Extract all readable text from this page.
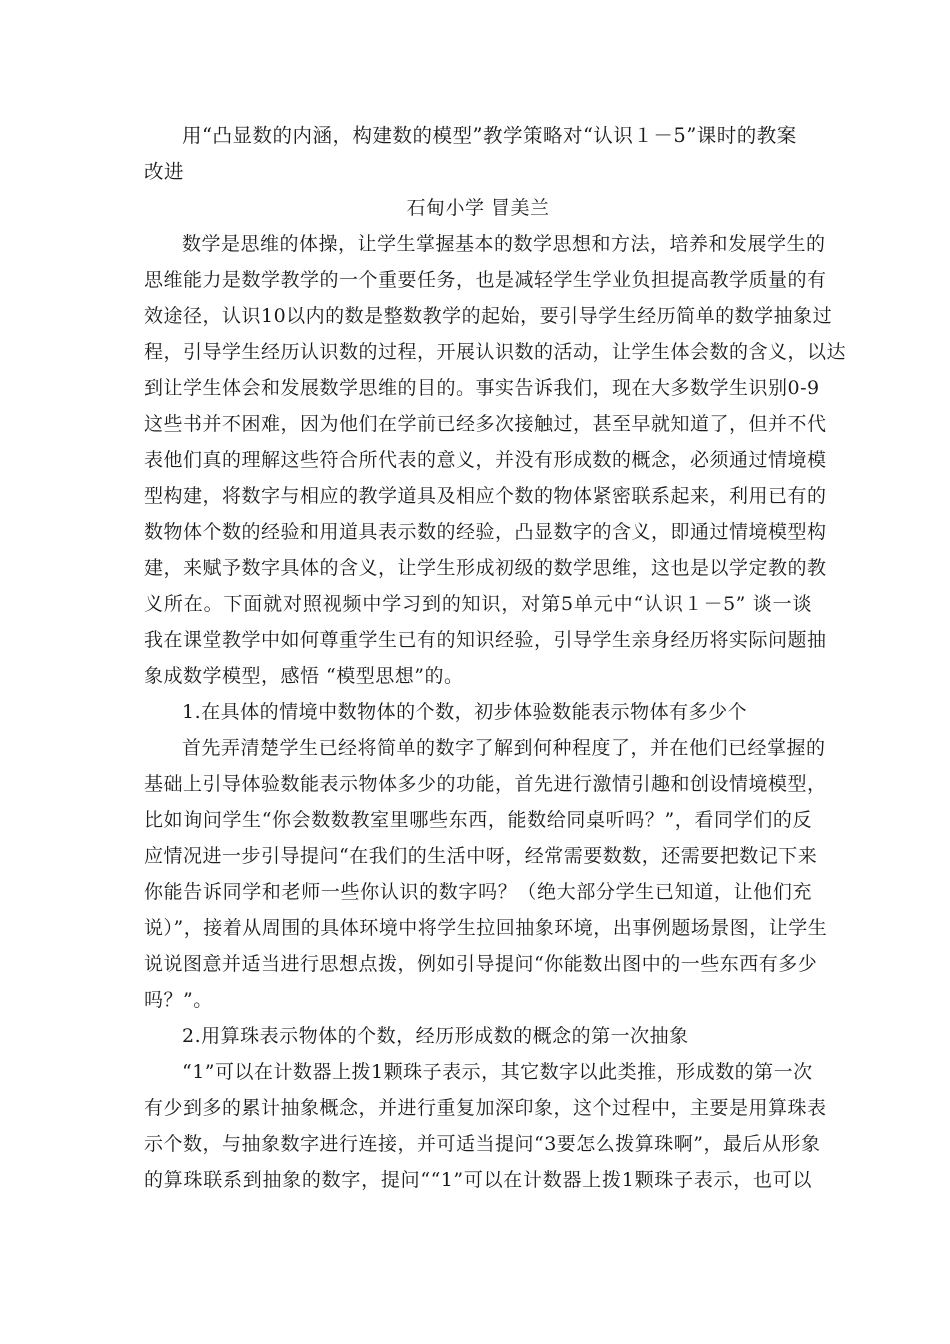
用“凸显数的内涵，构建数的模型”教学策略对“认识１－5”课时的教案
改进
石甸小学 冒美兰
数学是思维的体操，让学生掌握基本的数学思想和方法，培养和发展学生的
思维能力是数学教学的一个重要任务，也是减轻学生学业负担提高教学质量的有
效途径，认识10以内的数是整数教学的起始，要引导学生经历简单的数学抽象过
程，引导学生经历认识数的过程，开展认识数的活动，让学生体会数的含义，以达
到让学生体会和发展数学思维的目的。事实告诉我们，现在大多数学生识别0-9
这些书并不困难，因为他们在学前已经多次接触过，甚至早就知道了，但并不代
表他们真的理解这些符合所代表的意义，并没有形成数的概念，必须通过情境模
型构建，将数字与相应的教学道具及相应个数的物体紧密联系起来，利用已有的
数物体个数的经验和用道具表示数的经验，凸显数字的含义，即通过情境模型构
建，来赋予数字具体的含义，让学生形成初级的数学思维，这也是以学定教的教
义所在。下面就对照视频中学习到的知识，对第5单元中“认识１－5” 谈一谈
我在课堂教学中如何尊重学生已有的知识经验，引导学生亲身经历将实际问题抽
象成数学模型，感悟 “模型思想”的。
1.在具体的情境中数物体的个数，初步体验数能表示物体有多少个
首先弄清楚学生已经将简单的数字了解到何种程度了，并在他们已经掌握的
基础上引导体验数能表示物体多少的功能，首先进行激情引趣和创设情境模型，
比如询问学生“你会数数教室里哪些东西，能数给同桌听吗？”，看同学们的反
应情况进一步引导提问“在我们的生活中呀，经常需要数数，还需要把数记下来
你能告诉同学和老师一些你认识的数字吗？（绝大部分学生已知道，让他们充
说）”，接着从周围的具体环境中将学生拉回抽象环境，出事例题场景图，让学生
说说图意并适当进行思想点拨，例如引导提问“你能数出图中的一些东西有多少
吗？”。
2.用算珠表示物体的个数，经历形成数的概念的第一次抽象
“1”可以在计数器上拨1颗珠子表示，其它数字以此类推，形成数的第一次
有少到多的累计抽象概念，并进行重复加深印象，这个过程中，主要是用算珠表
示个数，与抽象数字进行连接，并可适当提问“3要怎么拨算珠啊”，最后从形象
的算珠联系到抽象的数字，提问““1”可以在计数器上拨1颗珠子表示，也可以
